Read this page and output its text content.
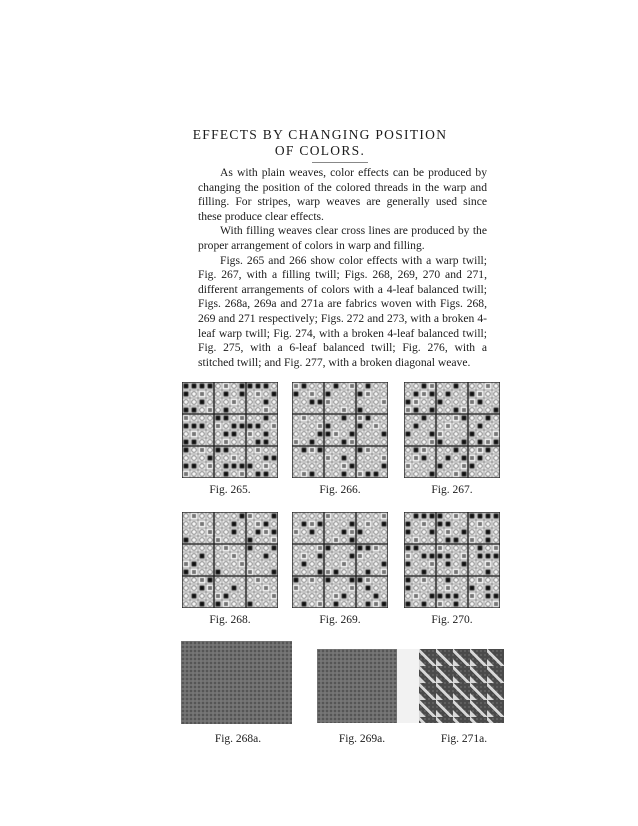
EFFECTS BY CHANGING POSITION
OF COLORS.

As with plain weaves, color effects can be produced by changing the position of the colored threads in the warp and filling. For stripes, warp weaves are generally used since these produce clear effects.

With filling weaves clear cross lines are produced by the proper arrangement of colors in warp and filling.

Figs. 265 and 266 show color effects with a warp twill; Fig. 267, with a filling twill; Figs. 268, 269, 270 and 271, different arrangements of colors with a 4-leaf balanced twill; Figs. 268a, 269a and 271a are fabrics woven with Figs. 268, 269 and 271 respectively; Figs. 272 and 273, with a broken 4-leaf warp twill; Fig. 274, with a broken 4-leaf balanced twill; Fig. 275, with a 6-leaf balanced twill; Fig. 276, with a stitched twill; and Fig. 277, with a broken diagonal weave.

Fig. 265.	Fig. 266.	Fig. 267.
Fig. 268.	Fig. 269.	Fig. 270.
Fig. 268a.	Fig. 269a.	Fig. 271a.
